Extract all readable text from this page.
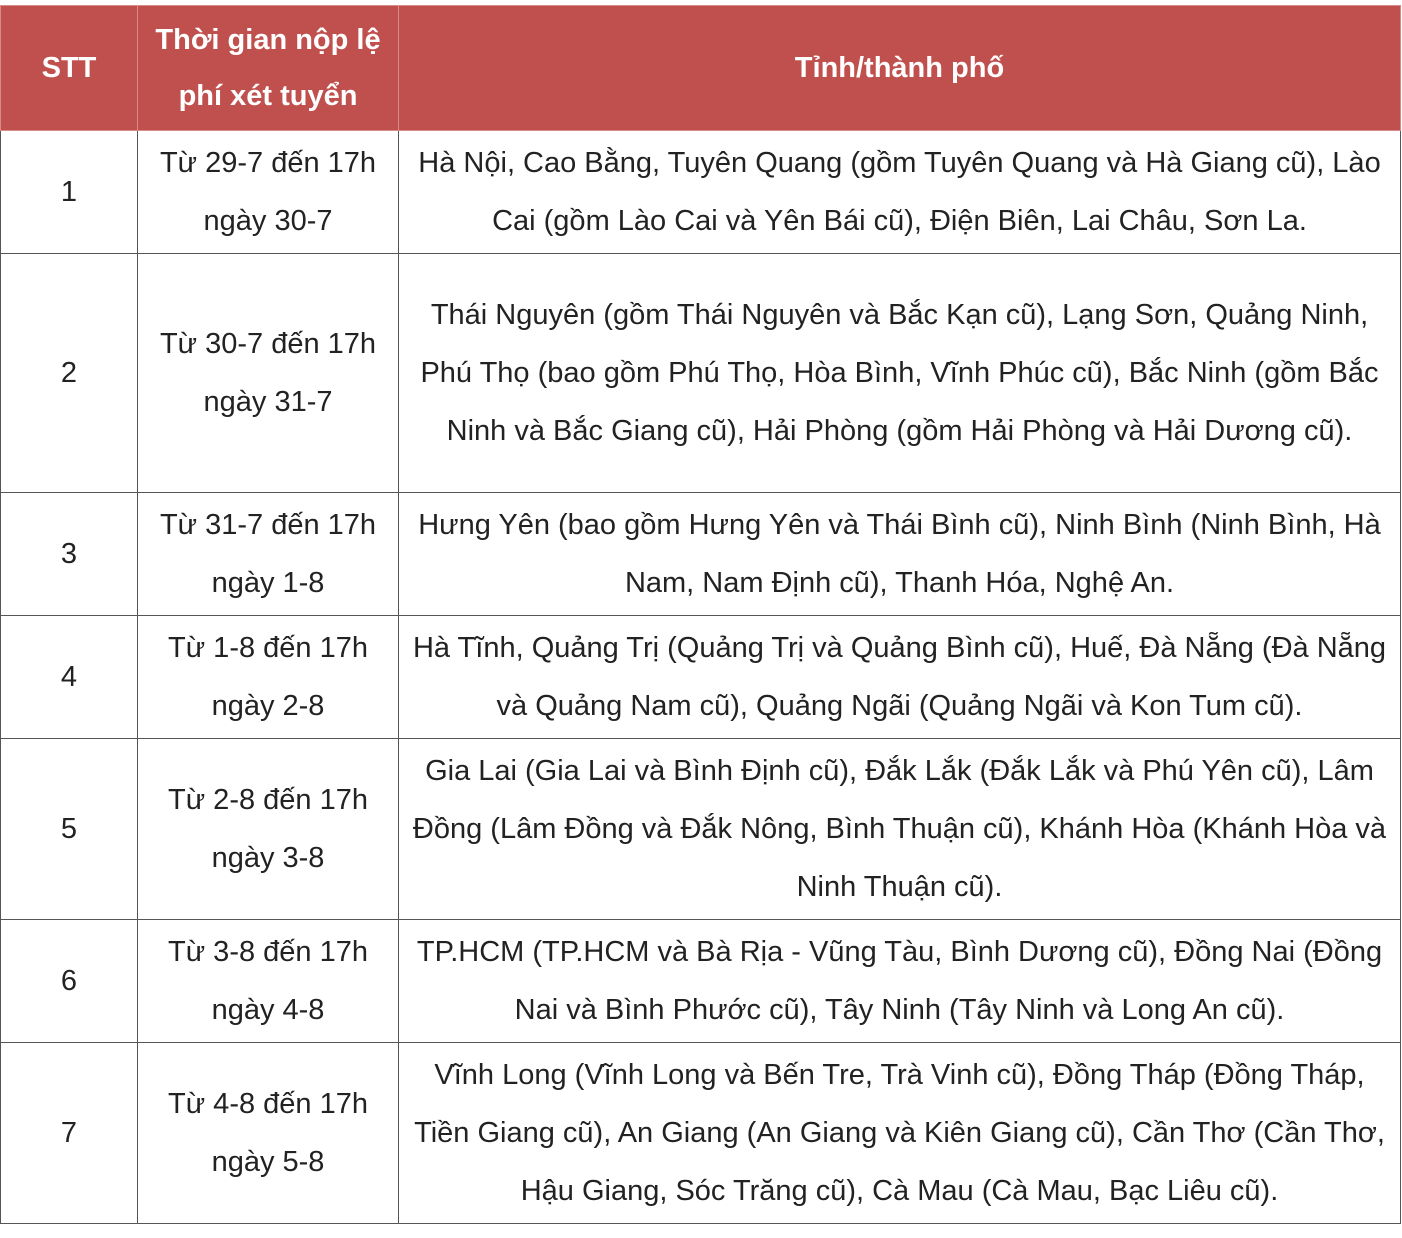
STT	Thời gian nộp lệ phí xét tuyển	Tỉnh/thành phố
1	Từ 29-7 đến 17h ngày 30-7	Hà Nội, Cao Bằng, Tuyên Quang (gồm Tuyên Quang và Hà Giang cũ), Lào Cai (gồm Lào Cai và Yên Bái cũ), Điện Biên, Lai Châu, Sơn La.
2	Từ 30-7 đến 17h ngày 31-7	Thái Nguyên (gồm Thái Nguyên và Bắc Kạn cũ), Lạng Sơn, Quảng Ninh, Phú Thọ (bao gồm Phú Thọ, Hòa Bình, Vĩnh Phúc cũ), Bắc Ninh (gồm Bắc Ninh và Bắc Giang cũ), Hải Phòng (gồm Hải Phòng và Hải Dương cũ).
3	Từ 31-7 đến 17h ngày 1-8	Hưng Yên (bao gồm Hưng Yên và Thái Bình cũ), Ninh Bình (Ninh Bình, Hà Nam, Nam Định cũ), Thanh Hóa, Nghệ An.
4	Từ 1-8 đến 17h ngày 2-8	Hà Tĩnh, Quảng Trị (Quảng Trị và Quảng Bình cũ), Huế, Đà Nẵng (Đà Nẵng và Quảng Nam cũ), Quảng Ngãi (Quảng Ngãi và Kon Tum cũ).
5	Từ 2-8 đến 17h ngày 3-8	Gia Lai (Gia Lai và Bình Định cũ), Đắk Lắk (Đắk Lắk và Phú Yên cũ), Lâm Đồng (Lâm Đồng và Đắk Nông, Bình Thuận cũ), Khánh Hòa (Khánh Hòa và Ninh Thuận cũ).
6	Từ 3-8 đến 17h ngày 4-8	TP.HCM (TP.HCM và Bà Rịa - Vũng Tàu, Bình Dương cũ), Đồng Nai (Đồng Nai và Bình Phước cũ), Tây Ninh (Tây Ninh và Long An cũ).
7	Từ 4-8 đến 17h ngày 5-8	Vĩnh Long (Vĩnh Long và Bến Tre, Trà Vinh cũ), Đồng Tháp (Đồng Tháp, Tiền Giang cũ), An Giang (An Giang và Kiên Giang cũ), Cần Thơ (Cần Thơ, Hậu Giang, Sóc Trăng cũ), Cà Mau (Cà Mau, Bạc Liêu cũ).
